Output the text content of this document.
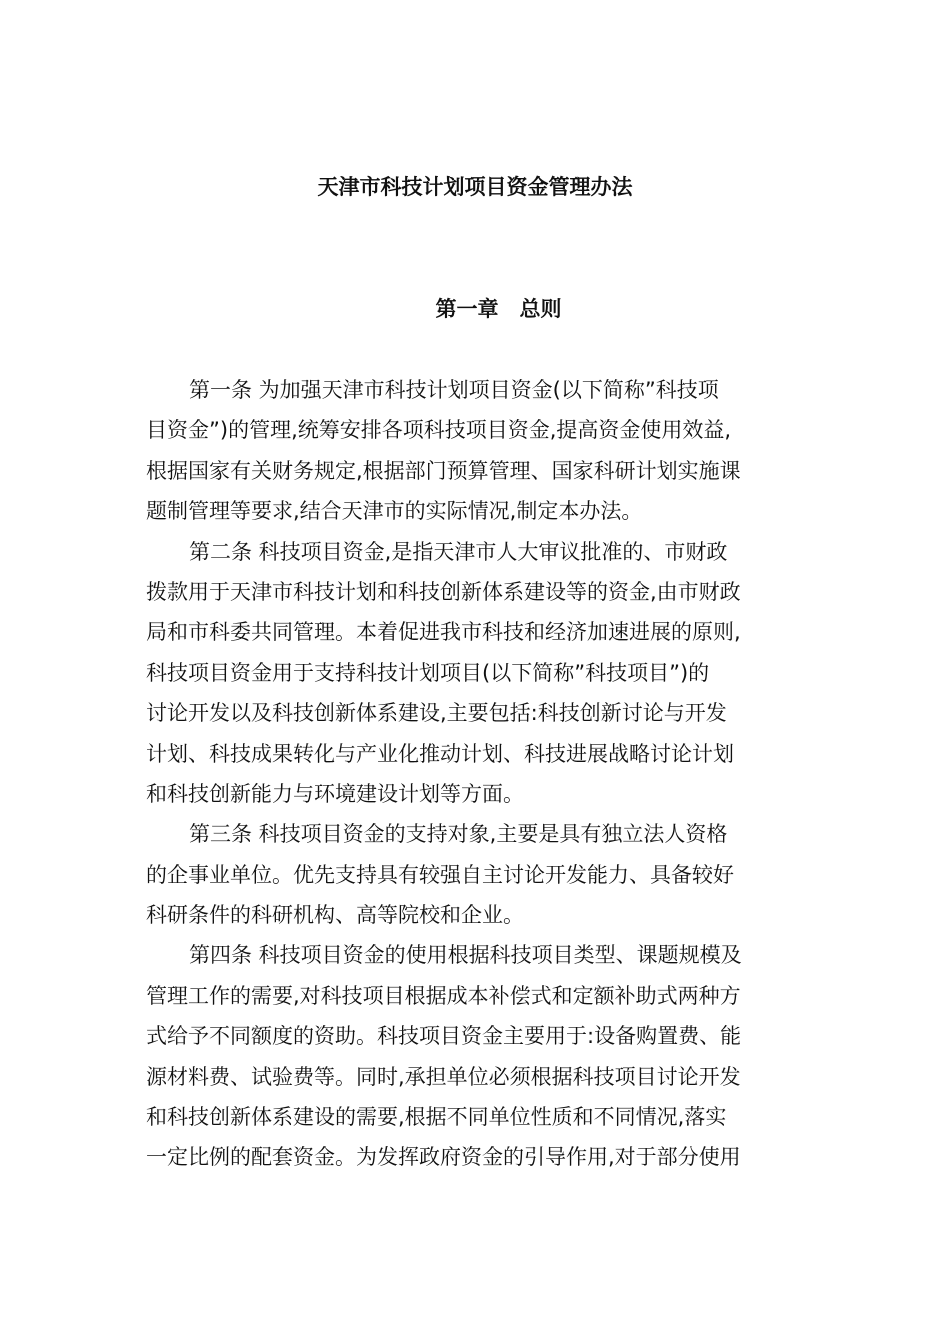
天津市科技计划项目资金管理办法
第一章　总则
第一条 为加强天津市科技计划项目资金(以下简称”科技项
目资金”)的管理,统筹安排各项科技项目资金,提高资金使用效益,
根据国家有关财务规定,根据部门预算管理、国家科研计划实施课
题制管理等要求,结合天津市的实际情况,制定本办法。
第二条 科技项目资金,是指天津市人大审议批准的、市财政
拨款用于天津市科技计划和科技创新体系建设等的资金,由市财政
局和市科委共同管理。本着促进我市科技和经济加速进展的原则,
科技项目资金用于支持科技计划项目(以下简称”科技项目”)的
讨论开发以及科技创新体系建设,主要包括:科技创新讨论与开发
计划、科技成果转化与产业化推动计划、科技进展战略讨论计划
和科技创新能力与环境建设计划等方面。
第三条 科技项目资金的支持对象,主要是具有独立法人资格
的企事业单位。优先支持具有较强自主讨论开发能力、具备较好
科研条件的科研机构、高等院校和企业。
第四条 科技项目资金的使用根据科技项目类型、课题规模及
管理工作的需要,对科技项目根据成本补偿式和定额补助式两种方
式给予不同额度的资助。科技项目资金主要用于:设备购置费、能
源材料费、试验费等。同时,承担单位必须根据科技项目讨论开发
和科技创新体系建设的需要,根据不同单位性质和不同情况,落实
一定比例的配套资金。为发挥政府资金的引导作用,对于部分使用
